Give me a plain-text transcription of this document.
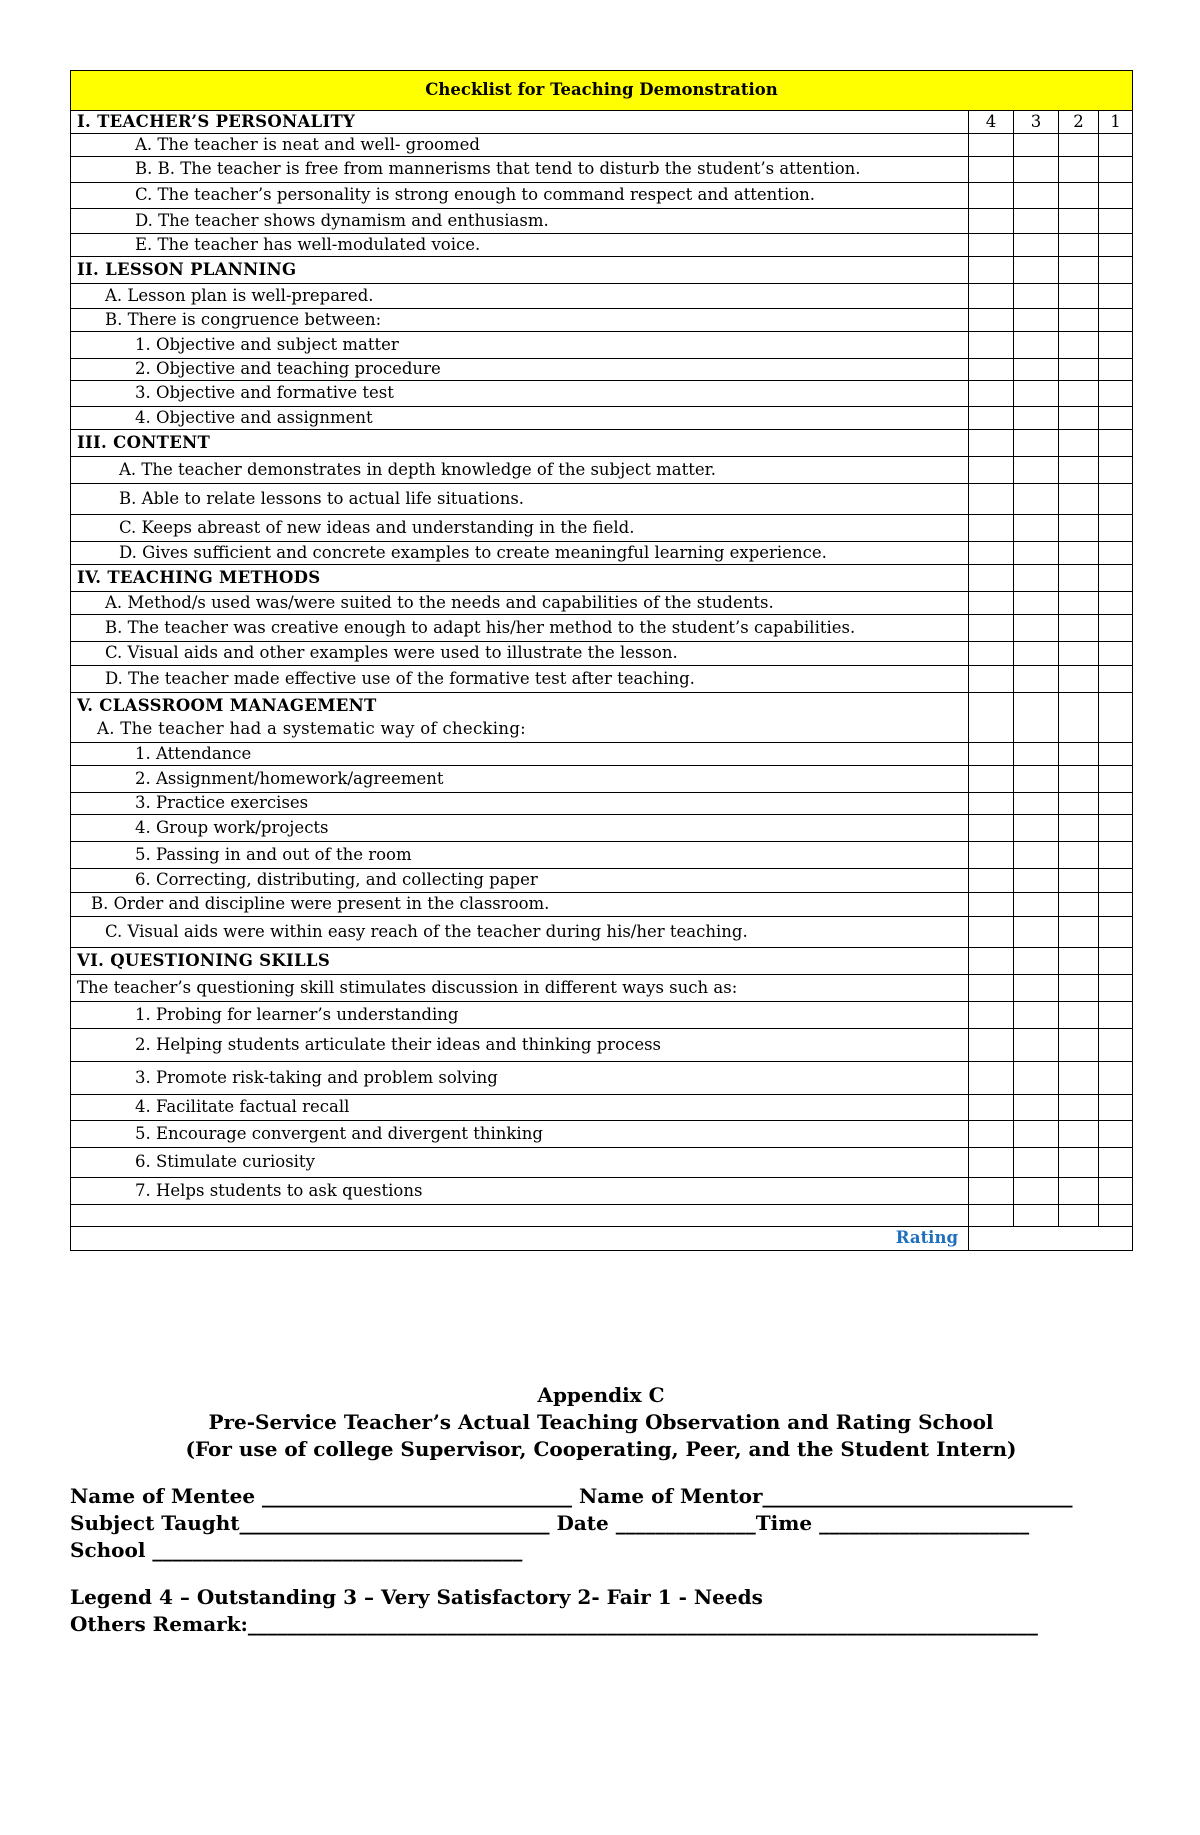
Checklist for Teaching Demonstration				
I. TEACHER’S PERSONALITY	4	3	2	1
A. The teacher is neat and well- groomed				
B. B. The teacher is free from mannerisms that tend to disturb the student’s attention.				
C. The teacher’s personality is strong enough to command respect and attention.				
D. The teacher shows dynamism and enthusiasm.				
E. The teacher has well-modulated voice.				
II. LESSON PLANNING				
A. Lesson plan is well-prepared.				
B. There is congruence between:				
1. Objective and subject matter				
2. Objective and teaching procedure				
3. Objective and formative test				
4. Objective and assignment				
III. CONTENT				
A. The teacher demonstrates in depth knowledge of the subject matter.				
B. Able to relate lessons to actual life situations.				
C. Keeps abreast of new ideas and understanding in the field.				
D. Gives sufficient and concrete examples to create meaningful learning experience.				
IV. TEACHING METHODS				
A. Method/s used was/were suited to the needs and capabilities of the students.				
B. The teacher was creative enough to adapt his/her method to the student’s capabilities.				
C. Visual aids and other examples were used to illustrate the lesson.				
D. The teacher made effective use of the formative test after teaching.				
V. CLASSROOM MANAGEMENT
A. The teacher had a systematic way of checking:				

1. Attendance				
2. Assignment/homework/agreement				
3. Practice exercises				
4. Group work/projects				
5. Passing in and out of the room				
6. Correcting, distributing, and collecting paper				
B. Order and discipline were present in the classroom.				
C. Visual aids were within easy reach of the teacher during his/her teaching.				
VI. QUESTIONING SKILLS				
The teacher’s questioning skill stimulates discussion in different ways such as:				
1. Probing for learner’s understanding				
2. Helping students articulate their ideas and thinking process				
3. Promote risk-taking and problem solving				
4. Facilitate factual recall				
5. Encourage convergent and divergent thinking				
6. Stimulate curiosity				
7. Helps students to ask questions				

Rating				
Appendix C
Pre-Service Teacher’s Actual Teaching Observation and Rating School
(For use of college Supervisor, Cooperating, Peer, and the Student Intern)
Name of Mentee _______________________________ Name of Mentor_______________________________
Subject Taught_______________________________ Date ______________Time _____________________
School _____________________________________
Legend 4 – Outstanding 3 – Very Satisfactory 2- Fair 1 - Needs
Others Remark:_______________________________________________________________________________
